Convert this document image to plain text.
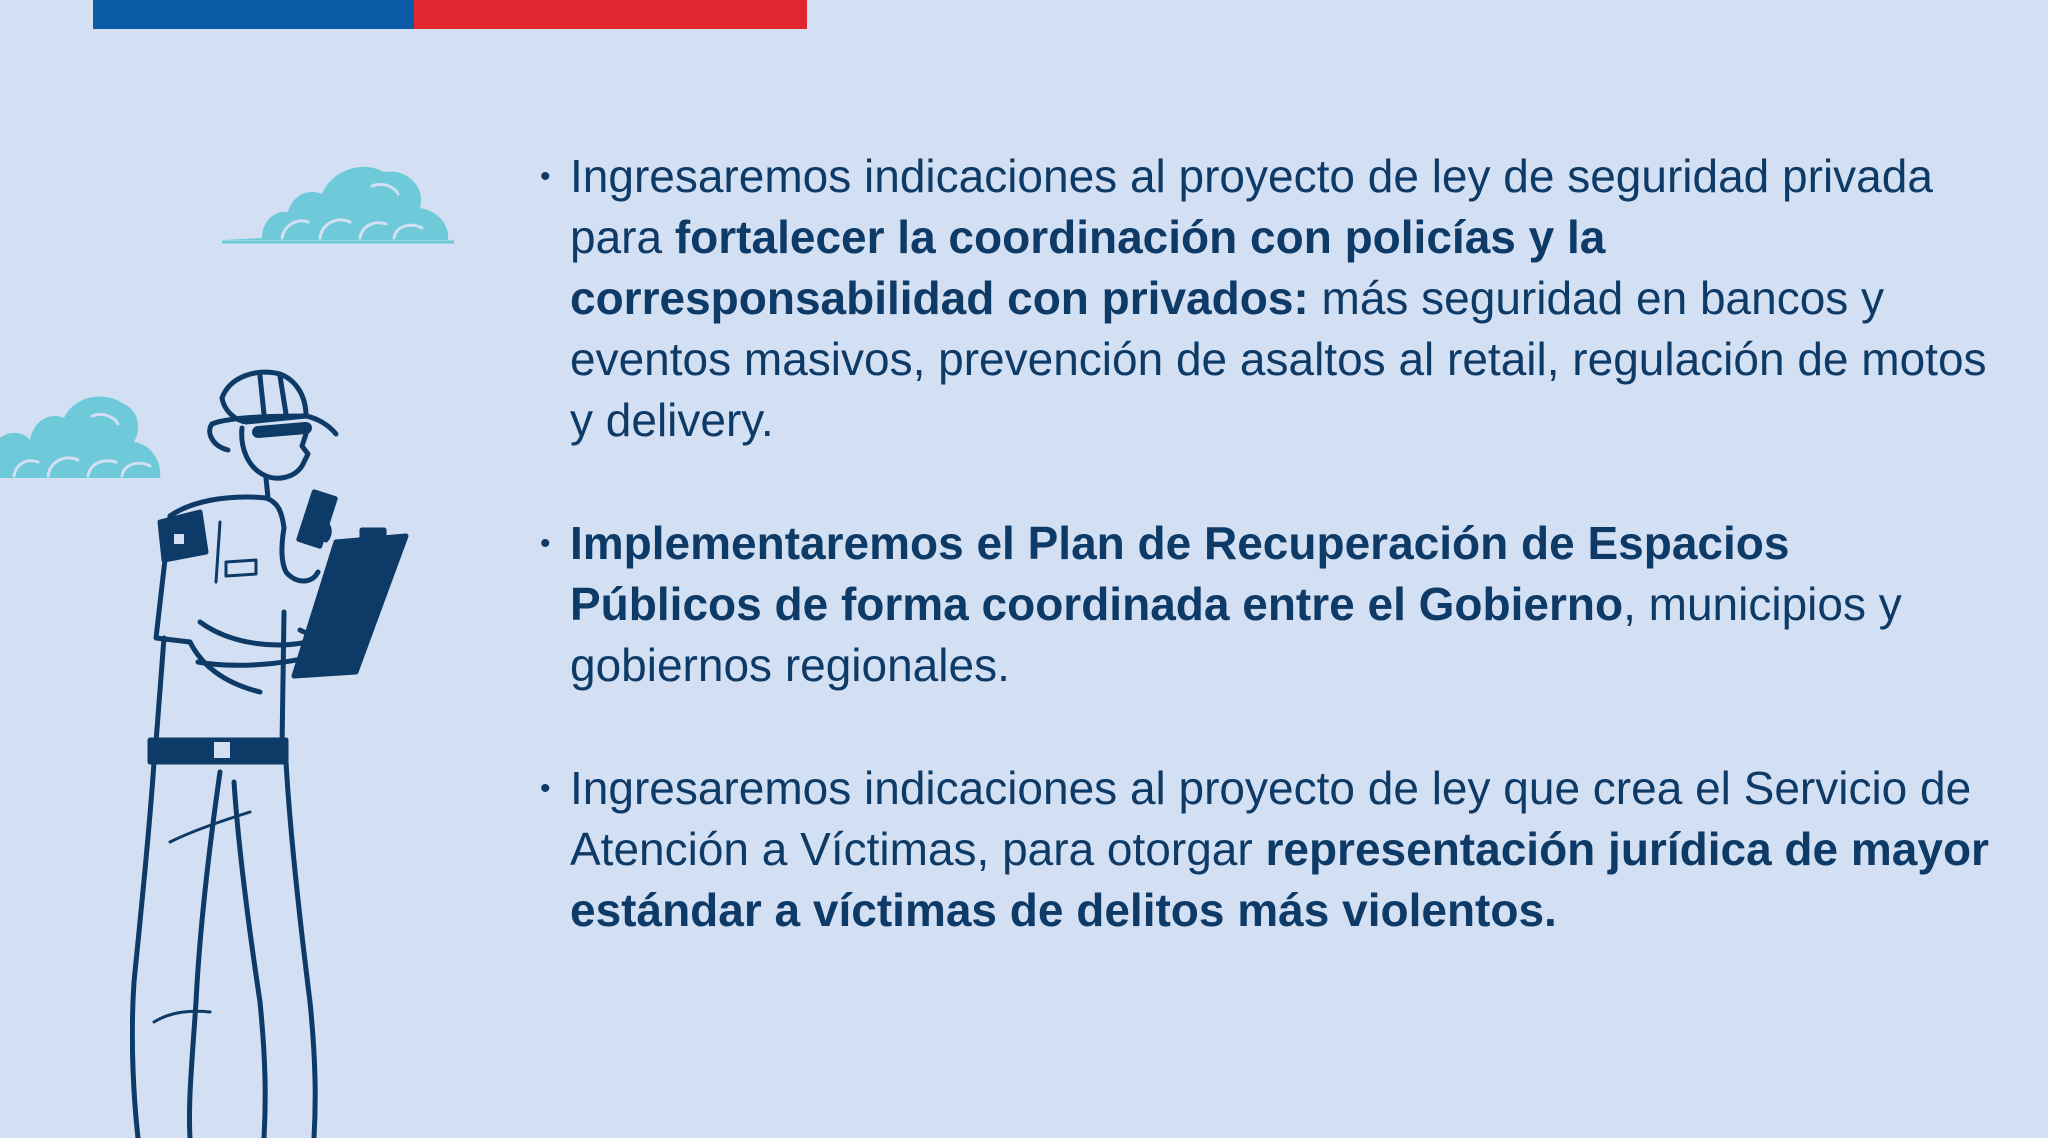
• Ingresaremos indicaciones al proyecto de ley de seguridad privada para fortalecer la coordinación con policías y la corresponsabilidad con privados: más seguridad en bancos y eventos masivos, prevención de asaltos al retail, regulación de motos y delivery.

• Implementaremos el Plan de Recuperación de Espacios Públicos de forma coordinada entre el Gobierno, municipios y gobiernos regionales.

• Ingresaremos indicaciones al proyecto de ley que crea el Servicio de Atención a Víctimas, para otorgar representación jurídica de mayor estándar a víctimas de delitos más violentos.
